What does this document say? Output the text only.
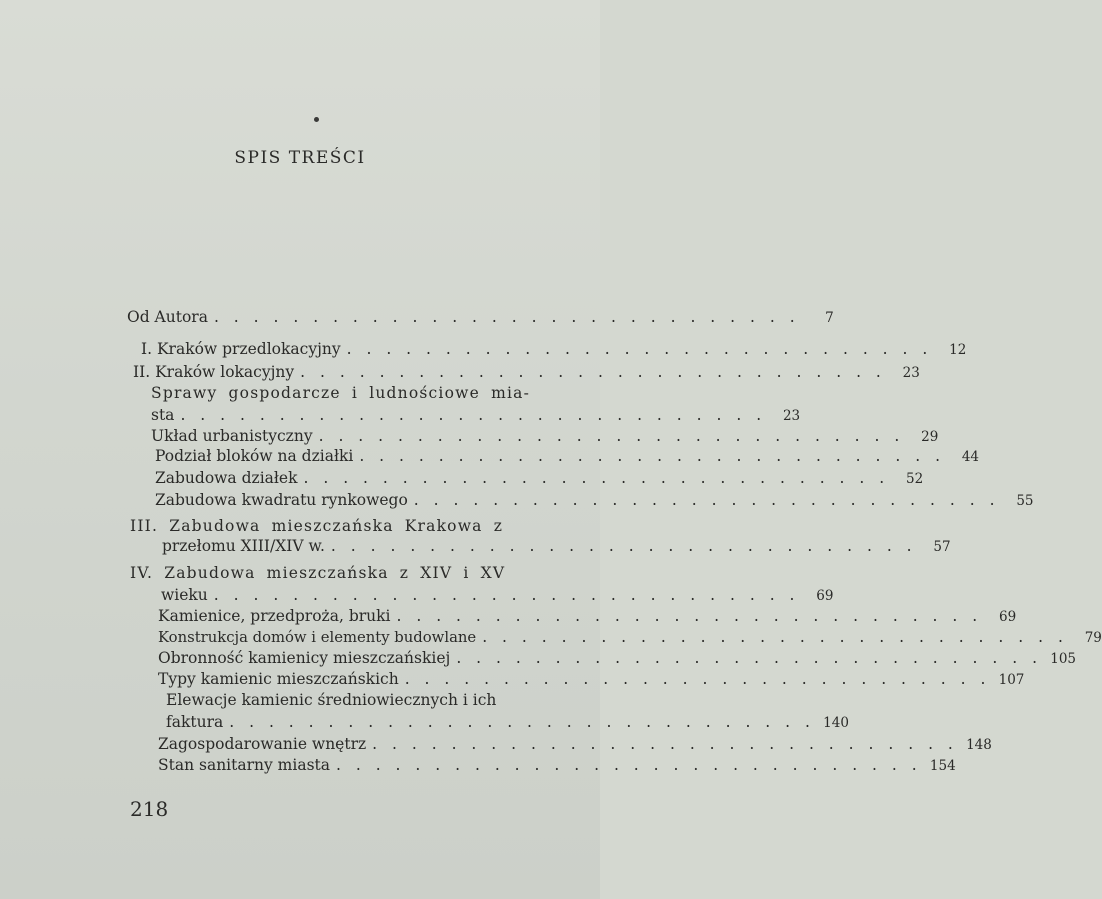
SPIS TREŚCI
Od Autora . . . . . . . . . . . . . . . . . . . . . . . . . . . . . .	7
I. Kraków przedlokacyjny . . . . . . . . . . . . . . . . . . . . . . . . . . . . . .	12
II. Kraków lokacyjny . . . . . . . . . . . . . . . . . . . . . . . . . . . . . .	23
Sprawy gospodarcze i ludnościowe mia-
sta . . . . . . . . . . . . . . . . . . . . . . . . . . . . . .	23
Układ urbanistyczny . . . . . . . . . . . . . . . . . . . . . . . . . . . . . .	29
Podział bloków na działki . . . . . . . . . . . . . . . . . . . . . . . . . . . . . .	44
Zabudowa działek . . . . . . . . . . . . . . . . . . . . . . . . . . . . . .	52
Zabudowa kwadratu rynkowego . . . . . . . . . . . . . . . . . . . . . . . . . . . . . .	55
III. Zabudowa mieszczańska Krakowa z
przełomu XIII/XIV w. . . . . . . . . . . . . . . . . . . . . . . . . . . . . . .	57
IV. Zabudowa mieszczańska z XIV i XV
wieku . . . . . . . . . . . . . . . . . . . . . . . . . . . . . .	69
Kamienice, przedproża, bruki . . . . . . . . . . . . . . . . . . . . . . . . . . . . . .	69
Konstrukcja domów i elementy budowlane . . . . . . . . . . . . . . . . . . . . . . . . . . . . . .	79
Obronność kamienicy mieszczańskiej . . . . . . . . . . . . . . . . . . . . . . . . . . . . . . 105
Typy kamienic mieszczańskich . . . . . . . . . . . . . . . . . . . . . . . . . . . . . . 107
Elewacje kamienic średniowiecznych i ich
faktura . . . . . . . . . . . . . . . . . . . . . . . . . . . . . . 140
Zagospodarowanie wnętrz . . . . . . . . . . . . . . . . . . . . . . . . . . . . . . 148
Stan sanitarny miasta . . . . . . . . . . . . . . . . . . . . . . . . . . . . . . 154
218
